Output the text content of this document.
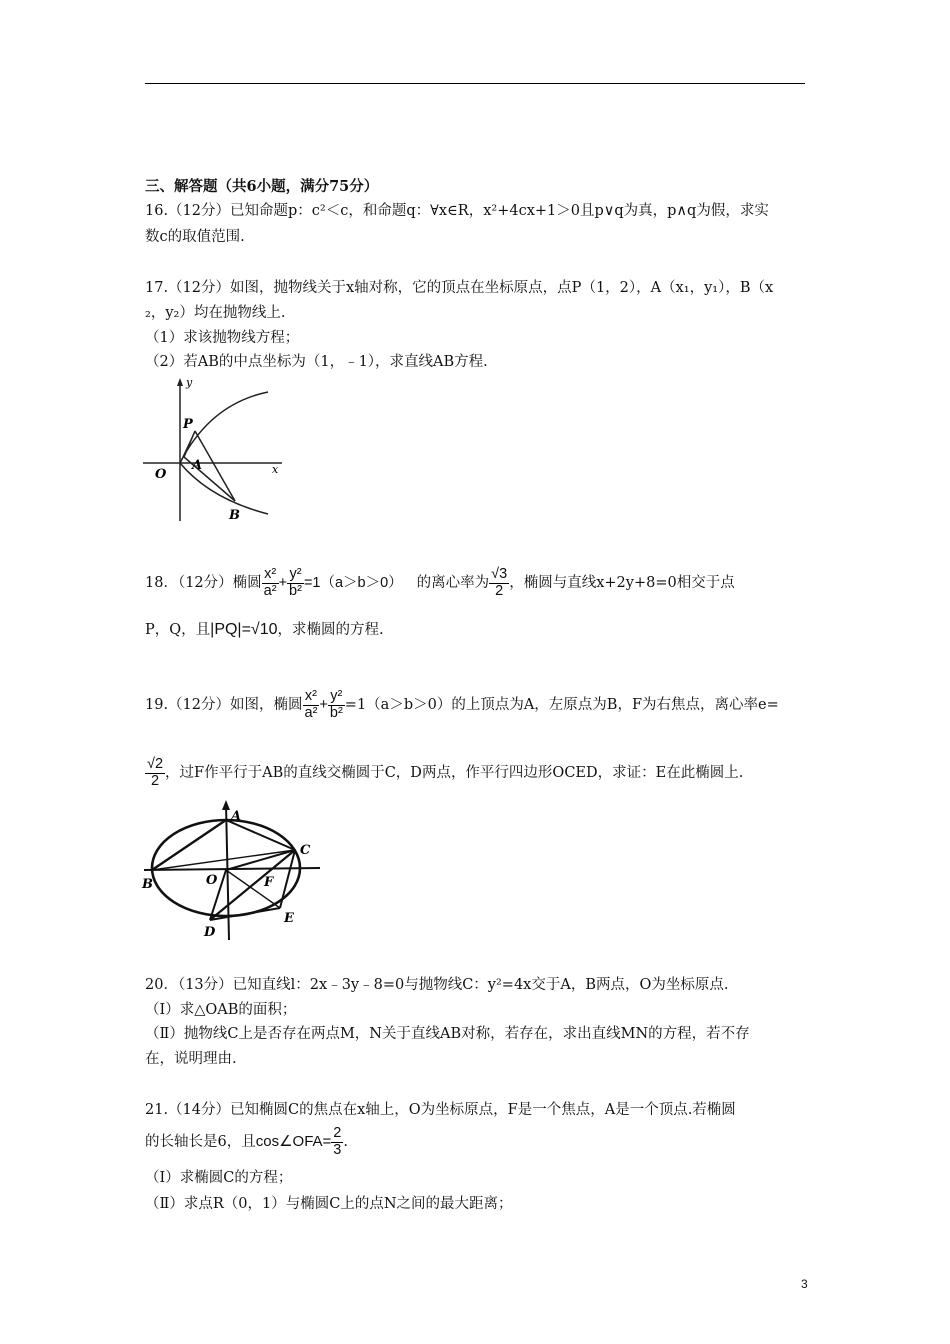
三、解答题（共6小题，满分75分）
16.（12分）已知命题p：c²＜c，和命题q：∀x∈R，x²+4cx+1＞0且p∨q为真，p∧q为假，求实
数c的取值范围.
17.（12分）如图，抛物线关于x轴对称，它的顶点在坐标原点，点P（1，2），A（x₁，y₁），B（x
₂，y₂）均在抛物线上.
（1）求该抛物线方程；
（2）若AB的中点坐标为（1，﹣1），求直线AB方程.
y
x
O
P
A
B
18．（12分）椭圆 $\frac{\text{x²}}{\text{a²}} + \frac{\text{y²}}{\text{b²}} =1(a>b>0)$ 的离心率为 $\frac{√3}{2}$ ，椭圆与直线x+2y+8=0相交于点
P，Q，且|PQ|=√10，求椭圆的方程.
19.（12分）如图，椭圆 $\frac{\text{x²}}{\text{a²}} + \frac{\text{y²}}{\text{b²}} =1(a>b>0)$ 的上顶点为A，左原点为B，F为右焦点，离心率e=
$\frac{√2}{2}$ ，过F作平行于AB的直线交椭圆于C，D两点，作平行四边形OCED，求证：E在此椭圆上.
A
B
C
D
E
F
O
20．（13分）已知直线l：2x﹣3y﹣8=0与抛物线C：y²=4x交于A，B两点，O为坐标原点.
（Ⅰ）求△OAB的面积；
（Ⅱ）抛物线C上是否存在两点M，N关于直线AB对称，若存在，求出直线MN的方程，若不存
在，说明理由.
21.（14分）已知椭圆C的焦点在x轴上，O为坐标原点，F是一个焦点，A是一个顶点.若椭圆
的长轴长是6，且 cos∠OFA= $\frac{2}{3}$ .
（Ⅰ）求椭圆C的方程；
（Ⅱ）求点R（0，1）与椭圆C上的点N之间的最大距离；
3
